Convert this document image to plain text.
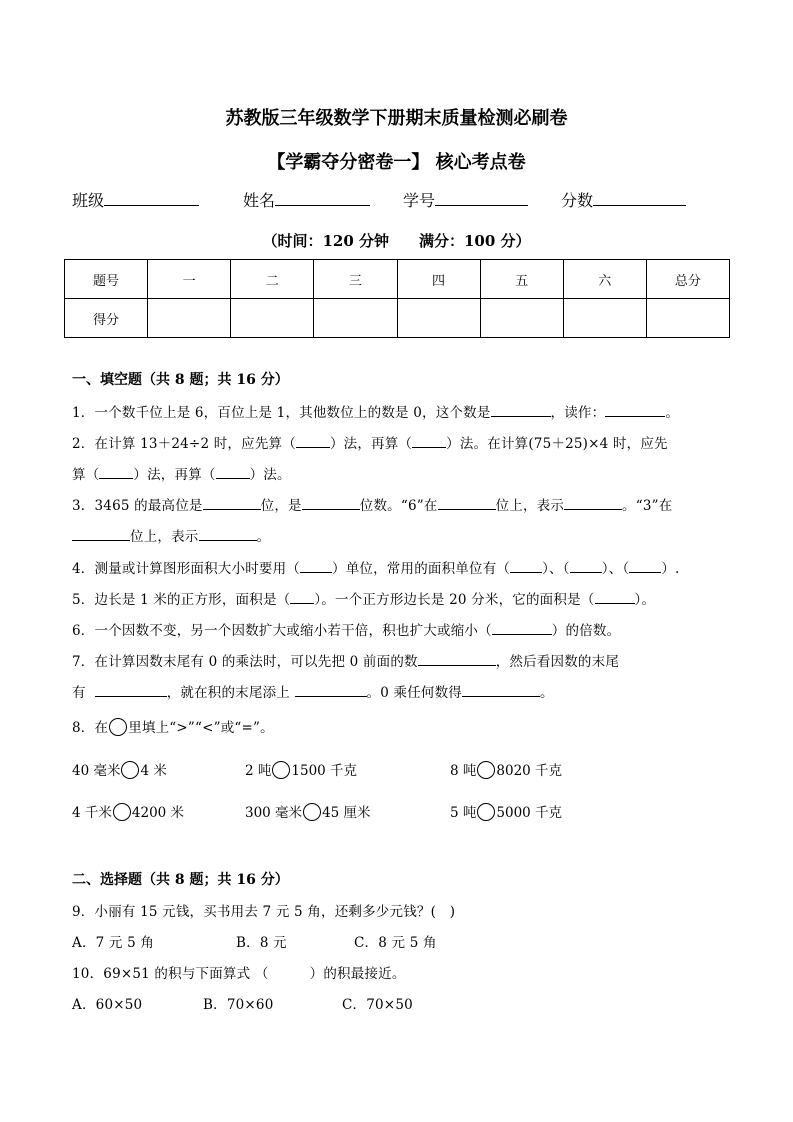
苏教版三年级数学下册期末质量检测必刷卷
【学霸夺分密卷一】 核心考点卷
班级	姓名	学号	分数
（时间：120 分钟　　满分：100 分）
题号	一	二	三	四	五	六	总分
得分							
一、填空题（共 8 题；共 16 分）
1．一个数千位上是 6，百位上是 1，其他数位上的数是 0，这个数是	，读作：	。
2．在计算 13＋24÷2 时，应先算（	）法，再算（	）法。在计算(75＋25)×4 时，应先
算（	）法，再算（	）法。
3．3465 的最高位是	位，是	位数。“6”在	位上，表示	。“3”在
位上，表示	。
4．测量或计算图形面积大小时要用（ ）单位，常用的面积单位有（ ）、（ ）、（ ）.
5．边长是 1 米的正方形，面积是（ ）。一个正方形边长是 20 分米，它的面积是（	）。
6．一个因数不变，另一个因数扩大或缩小若干倍，积也扩大或缩小（	）的倍数。
7．在计算因数末尾有 0 的乘法时，可以先把 0 前面的数	，然后看因数的末尾
有	，就在积的末尾添上	。0 乘任何数得	。
8．在 里填上“>”“<”或“=”。
40 毫米 4 米	2 吨 1500 千克	8 吨 8020 千克
4 千米 4200 米	300 毫米 45 厘米	5 吨 5000 千克
二、选择题（共 8 题；共 16 分）
9．小丽有 15 元钱，买书用去 7 元 5 角，还剩多少元钱？(　)
A．7 元 5 角	B．8 元	C．8 元 5 角
10．69×51 的积与下面算式 （　　　）的积最接近。
A．60×50	B．70×60	C．70×50
